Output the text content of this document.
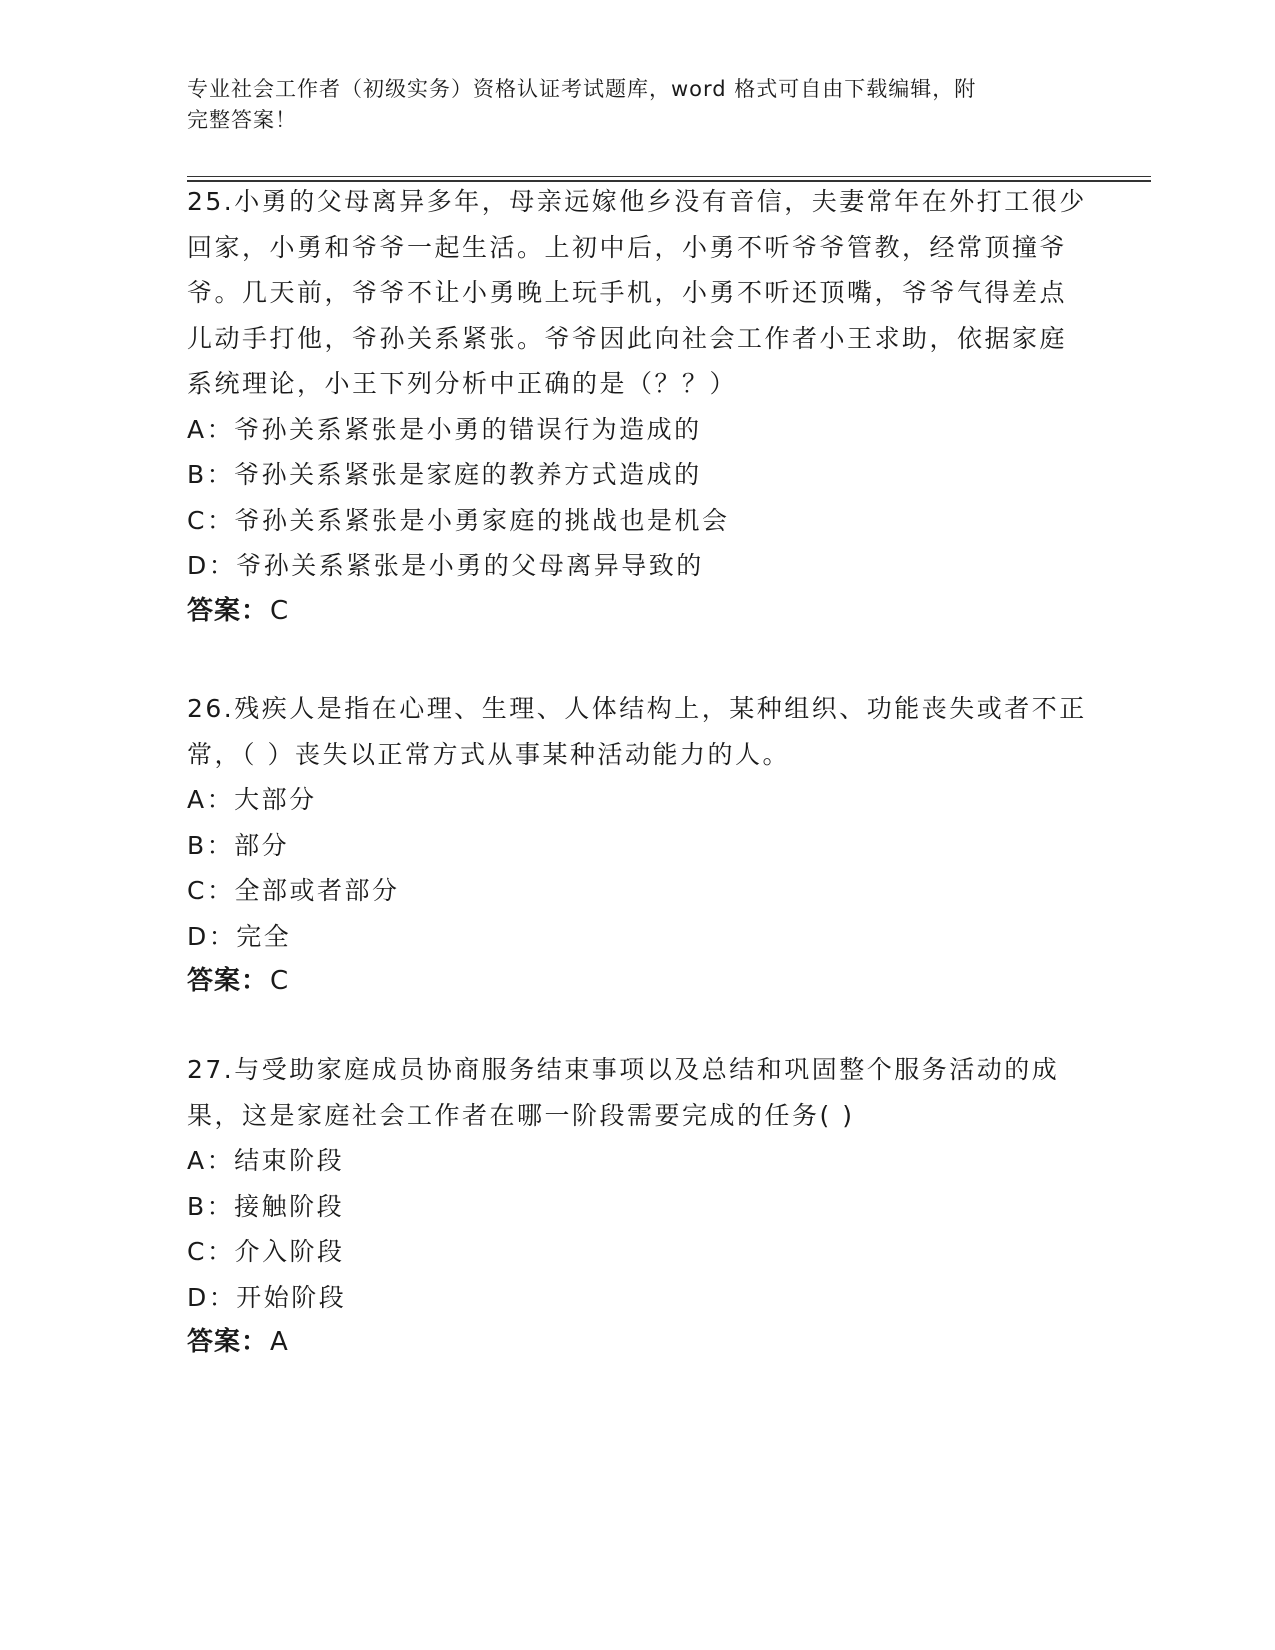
专业社会工作者（初级实务）资格认证考试题库，word 格式可自由下载编辑，附
完整答案！

25.小勇的父母离异多年，母亲远嫁他乡没有音信，夫妻常年在外打工很少回家，小勇和爷爷一起生活。上初中后，小勇不听爷爷管教，经常顶撞爷爷。几天前，爷爷不让小勇晚上玩手机，小勇不听还顶嘴，爷爷气得差点儿动手打他，爷孙关系紧张。爷爷因此向社会工作者小王求助，依据家庭系统理论，小王下列分析中正确的是（？？）

A：爷孙关系紧张是小勇的错误行为造成的

B：爷孙关系紧张是家庭的教养方式造成的

C：爷孙关系紧张是小勇家庭的挑战也是机会

D：爷孙关系紧张是小勇的父母离异导致的

答案：C

26.残疾人是指在心理、生理、人体结构上，某种组织、功能丧失或者不正常，（ ）丧失以正常方式从事某种活动能力的人。

A：大部分

B：部分

C：全部或者部分

D：完全

答案：C

27.与受助家庭成员协商服务结束事项以及总结和巩固整个服务活动的成果，这是家庭社会工作者在哪一阶段需要完成的任务( )

A：结束阶段

B：接触阶段

C：介入阶段

D：开始阶段

答案：A
